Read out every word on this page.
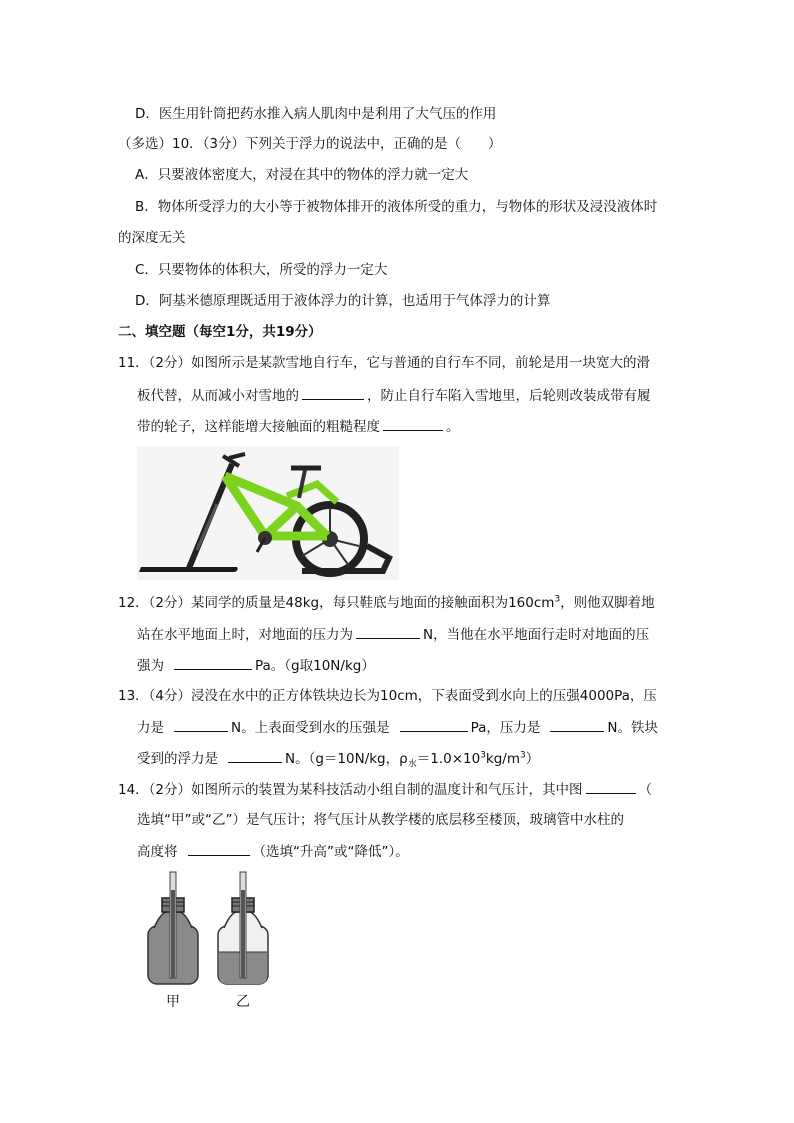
D．医生用针筒把药水推入病人肌肉中是利用了大气压的作用
（多选）10．（3分）下列关于浮力的说法中，正确的是（　　）
A．只要液体密度大，对浸在其中的物体的浮力就一定大
B．物体所受浮力的大小等于被物体排开的液体所受的重力，与物体的形状及浸没液体时
的深度无关
C．只要物体的体积大，所受的浮力一定大
D．阿基米德原理既适用于液体浮力的计算，也适用于气体浮力的计算
二、填空题（每空1分，共19分）
11．（2分）如图所示是某款雪地自行车，它与普通的自行车不同，前轮是用一块宽大的滑
板代替，从而减小对雪地的	，防止自行车陷入雪地里，后轮则改装成带有履
带的轮子，这样能增大接触面的粗糙程度	。
12．（2分）某同学的质量是48kg，每只鞋底与地面的接触面积为$160cm^3$，则他双脚着地
站在水平地面上时，对地面的压力为	N，当他在水平地面行走时对地面的压
强为	Pa。（g取10N/kg）
13．（4分）浸没在水中的正方体铁块边长为10cm，下表面受到水向上的压强4000Pa，压
力是	N。上表面受到水的压强是	Pa，压力是	N。铁块
受到的浮力是	N。（g＝10N/kg，$\rho_水=1.0\times 10^3kg/m^3$）
14．（2分）如图所示的装置为某科技活动小组自制的温度计和气压计，其中图	（
选填“甲”或“乙”）是气压计；将气压计从教学楼的底层移至楼顶，玻璃管中水柱的
高度将	（选填“升高”或“降低”）。
甲	乙
